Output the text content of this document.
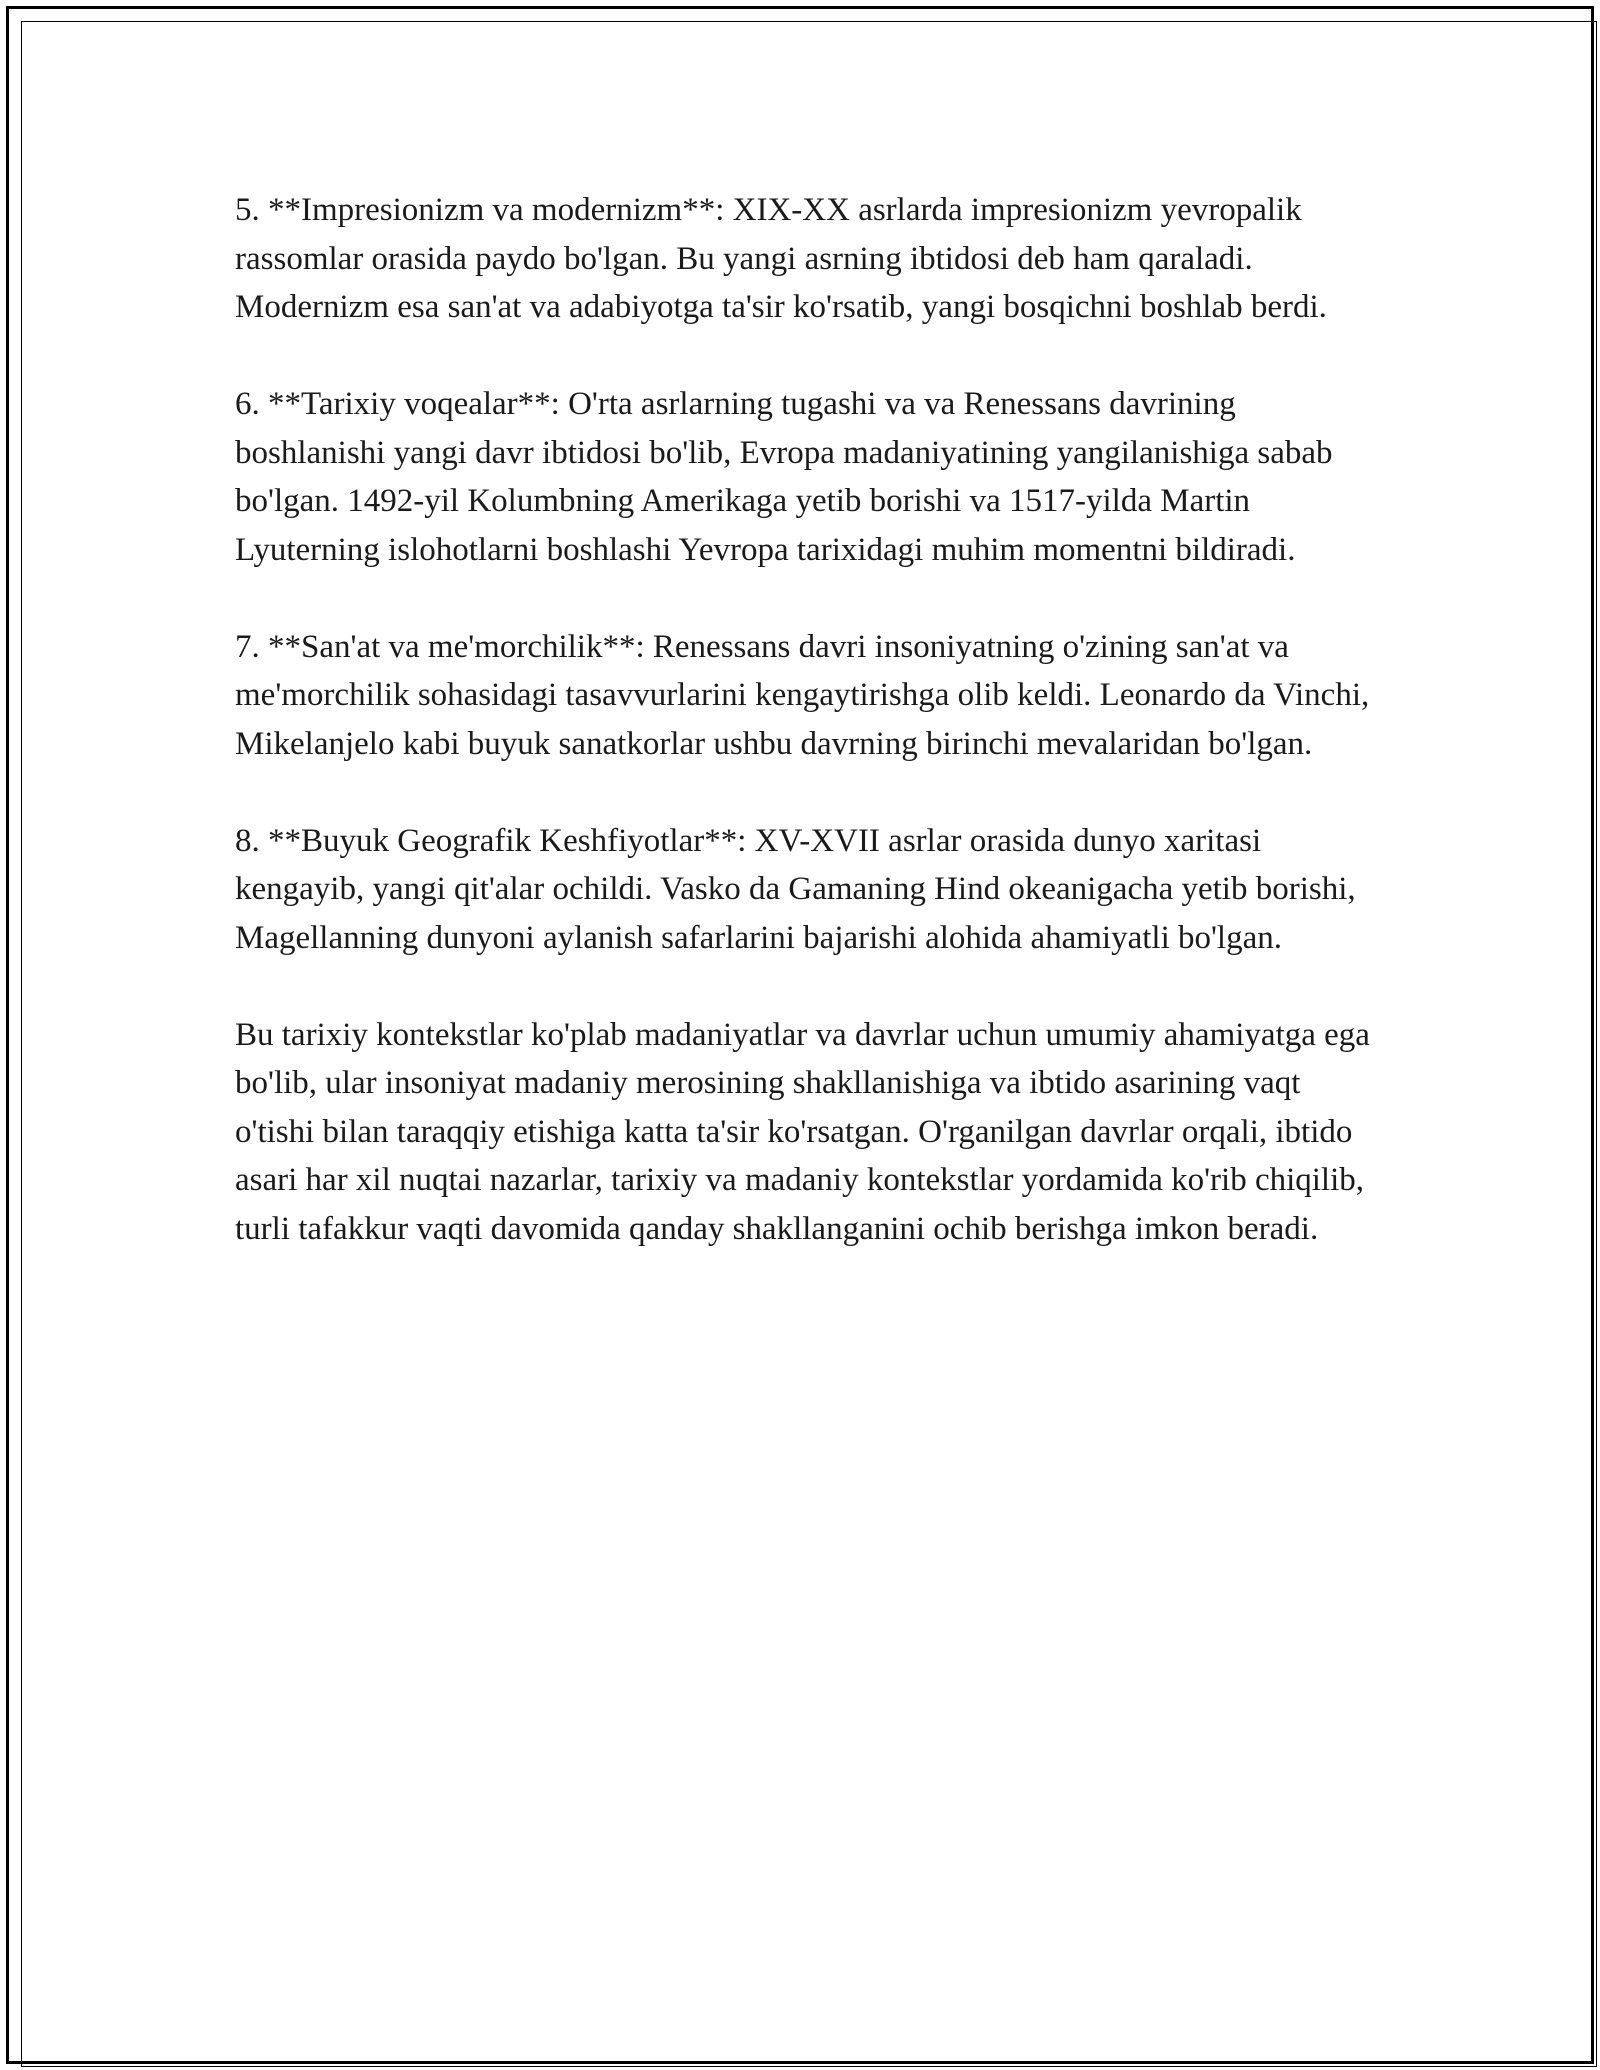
5. **Impresionizm va modernizm**: XIX-XX asrlarda impresionizm yevropalik rassomlar orasida paydo bo'lgan. Bu yangi asrning ibtidosi deb ham qaraladi. Modernizm esa san'at va adabiyotga ta'sir ko'rsatib, yangi bosqichni boshlab berdi.

6. **Tarixiy voqealar**: O'rta asrlarning tugashi va va Renessans davrining boshlanishi yangi davr ibtidosi bo'lib, Evropa madaniyatining yangilanishiga sabab bo'lgan. 1492-yil Kolumbning Amerikaga yetib borishi va 1517-yilda Martin Lyuterning islohotlarni boshlashi Yevropa tarixidagi muhim momentni bildiradi.

7. **San'at va me'morchilik**: Renessans davri insoniyatning o'zining san'at va me'morchilik sohasidagi tasavvurlarini kengaytirishga olib keldi. Leonardo da Vinchi, Mikelanjelo kabi buyuk sanatkorlar ushbu davrning birinchi mevalaridan bo'lgan.

8. **Buyuk Geografik Keshfiyotlar**: XV-XVII asrlar orasida dunyo xaritasi kengayib, yangi qit'alar ochildi. Vasko da Gamaning Hind okeanigacha yetib borishi, Magellanning dunyoni aylanish safarlarini bajarishi alohida ahamiyatli bo'lgan.

Bu tarixiy kontekstlar ko'plab madaniyatlar va davrlar uchun umumiy ahamiyatga ega bo'lib, ular insoniyat madaniy merosining shakllanishiga va ibtido asarining vaqt o'tishi bilan taraqqiy etishiga katta ta'sir ko'rsatgan. O'rganilgan davrlar orqali, ibtido asari har xil nuqtai nazarlar, tarixiy va madaniy kontekstlar yordamida ko'rib chiqilib, turli tafakkur vaqti davomida qanday shakllanganini ochib berishga imkon beradi.
